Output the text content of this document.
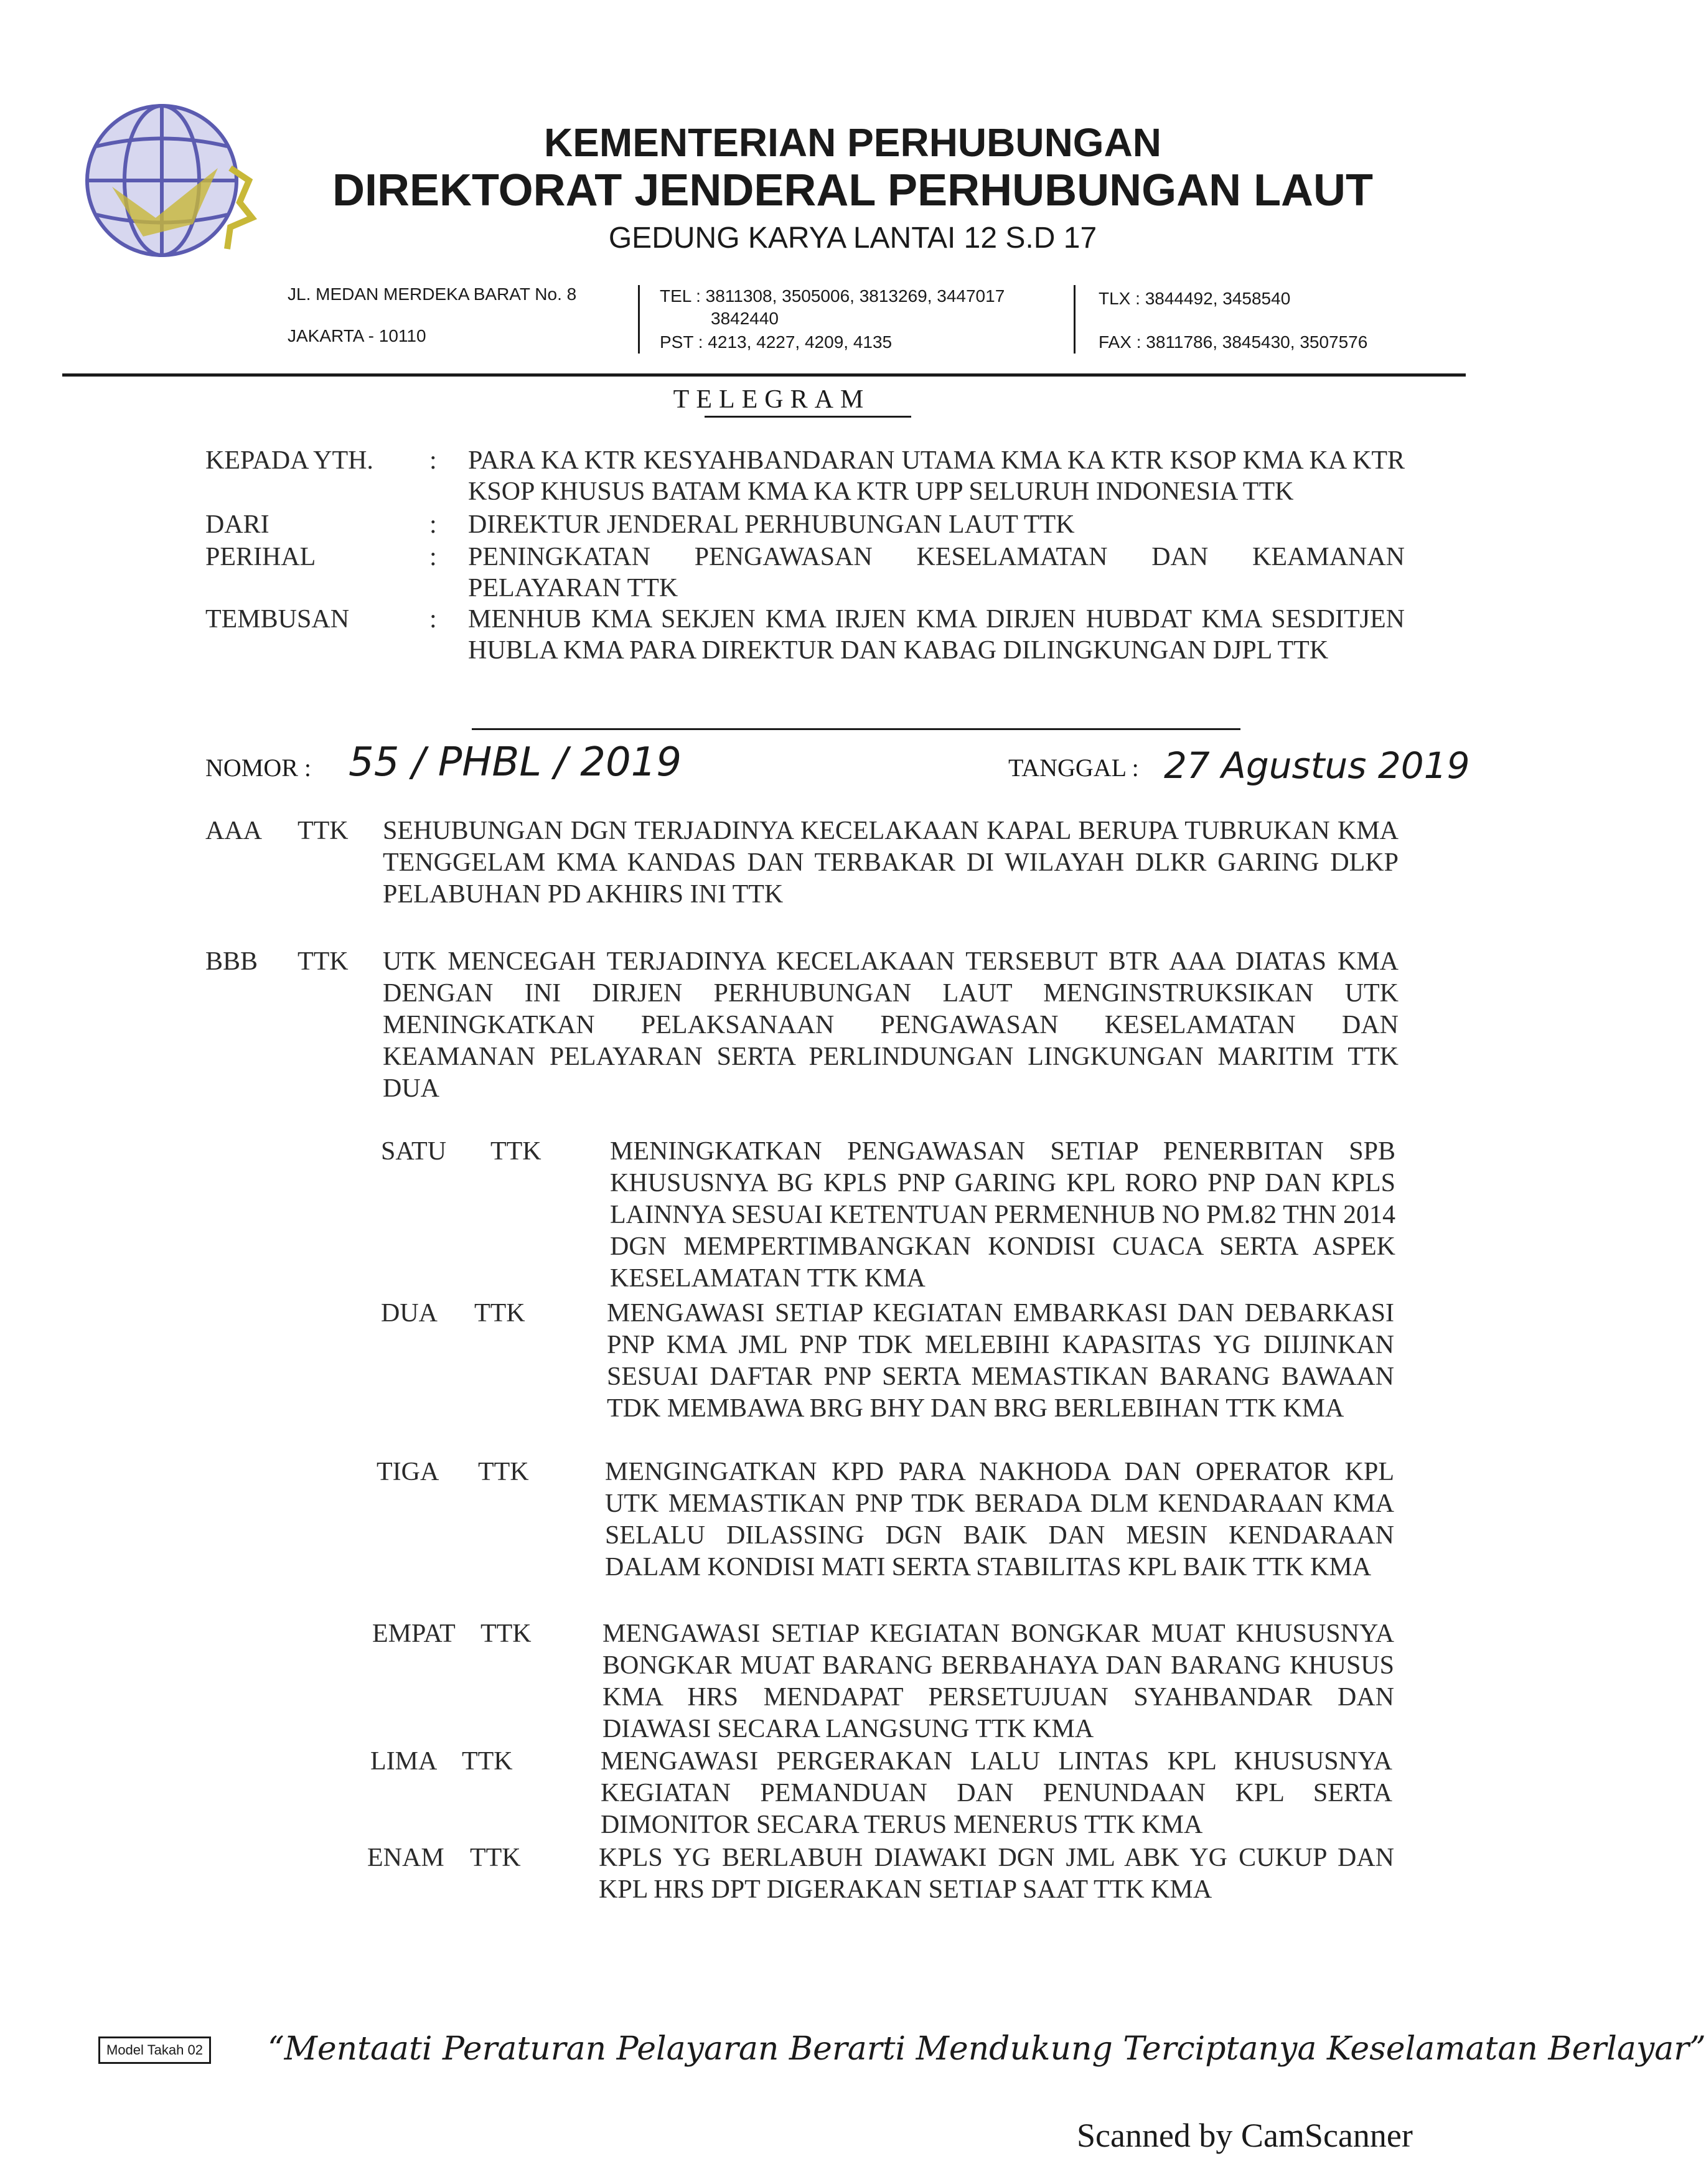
KEMENTERIAN PERHUBUNGAN
DIREKTORAT JENDERAL PERHUBUNGAN LAUT
GEDUNG KARYA LANTAI 12 S.D 17
JL. MEDAN MERDEKA BARAT No. 8
JAKARTA - 10110
TEL : 3811308, 3505006, 3813269, 3447017
3842440
PST : 4213, 4227, 4209, 4135
TLX : 3844492, 3458540
FAX : 3811786, 3845430, 3507576
TELEGRAM
KEPADA YTH.	:	PARA KA KTR KESYAHBANDARAN UTAMA KMA KA KTR KSOP KMA KA KTR KSOP KHUSUS BATAM KMA KA KTR UPP SELURUH INDONESIA TTK
DARI	:	DIREKTUR JENDERAL PERHUBUNGAN LAUT TTK
PERIHAL	:	PENINGKATAN PENGAWASAN KESELAMATAN DAN KEAMANAN PELAYARAN TTK
TEMBUSAN	:	MENHUB KMA SEKJEN KMA IRJEN KMA DIRJEN HUBDAT KMA SESDITJEN HUBLA KMA PARA DIREKTUR DAN KABAG DILINGKUNGAN DJPL TTK
NOMOR : 55 / PHBL / 2019	TANGGAL : 27 Agustus 2019
AAA TTK SEHUBUNGAN DGN TERJADINYA KECELAKAAN KAPAL BERUPA TUBRUKAN KMA TENGGELAM KMA KANDAS DAN TERBAKAR DI WILAYAH DLKR GARING DLKP PELABUHAN PD AKHIRS INI TTK
BBB TTK UTK MENCEGAH TERJADINYA KECELAKAAN TERSEBUT BTR AAA DIATAS KMA DENGAN INI DIRJEN PERHUBUNGAN LAUT MENGINSTRUKSIKAN UTK MENINGKATKAN PELAKSANAAN PENGAWASAN KESELAMATAN DAN KEAMANAN PELAYARAN SERTA PERLINDUNGAN LINGKUNGAN MARITIM TTK DUA
SATU TTK	MENINGKATKAN PENGAWASAN SETIAP PENERBITAN SPB KHUSUSNYA BG KPLS PNP GARING KPL RORO PNP DAN KPLS LAINNYA SESUAI KETENTUAN PERMENHUB NO PM.82 THN 2014 DGN MEMPERTIMBANGKAN KONDISI CUACA SERTA ASPEK KESELAMATAN TTK KMA
DUA TTK	MENGAWASI SETIAP KEGIATAN EMBARKASI DAN DEBARKASI PNP KMA JML PNP TDK MELEBIHI KAPASITAS YG DIIJINKAN SESUAI DAFTAR PNP SERTA MEMASTIKAN BARANG BAWAAN TDK MEMBAWA BRG BHY DAN BRG BERLEBIHAN TTK KMA
TIGA TTK	MENGINGATKAN KPD PARA NAKHODA DAN OPERATOR KPL UTK MEMASTIKAN PNP TDK BERADA DLM KENDARAAN KMA SELALU DILASSING DGN BAIK DAN MESIN KENDARAAN DALAM KONDISI MATI SERTA STABILITAS KPL BAIK TTK KMA
EMPAT TTK	MENGAWASI SETIAP KEGIATAN BONGKAR MUAT KHUSUSNYA BONGKAR MUAT BARANG BERBAHAYA DAN BARANG KHUSUS KMA HRS MENDAPAT PERSETUJUAN SYAHBANDAR DAN DIAWASI SECARA LANGSUNG TTK KMA
LIMA TTK	MENGAWASI PERGERAKAN LALU LINTAS KPL KHUSUSNYA KEGIATAN PEMANDUAN DAN PENUNDAAN KPL SERTA DIMONITOR SECARA TERUS MENERUS TTK KMA
ENAM TTK	KPLS YG BERLABUH DIAWAKI DGN JML ABK YG CUKUP DAN KPL HRS DPT DIGERAKAN SETIAP SAAT TTK KMA
Model Takah 02 “Mentaati Peraturan Pelayaran Berarti Mendukung Terciptanya Keselamatan Berlayar”
Scanned by CamScanner
